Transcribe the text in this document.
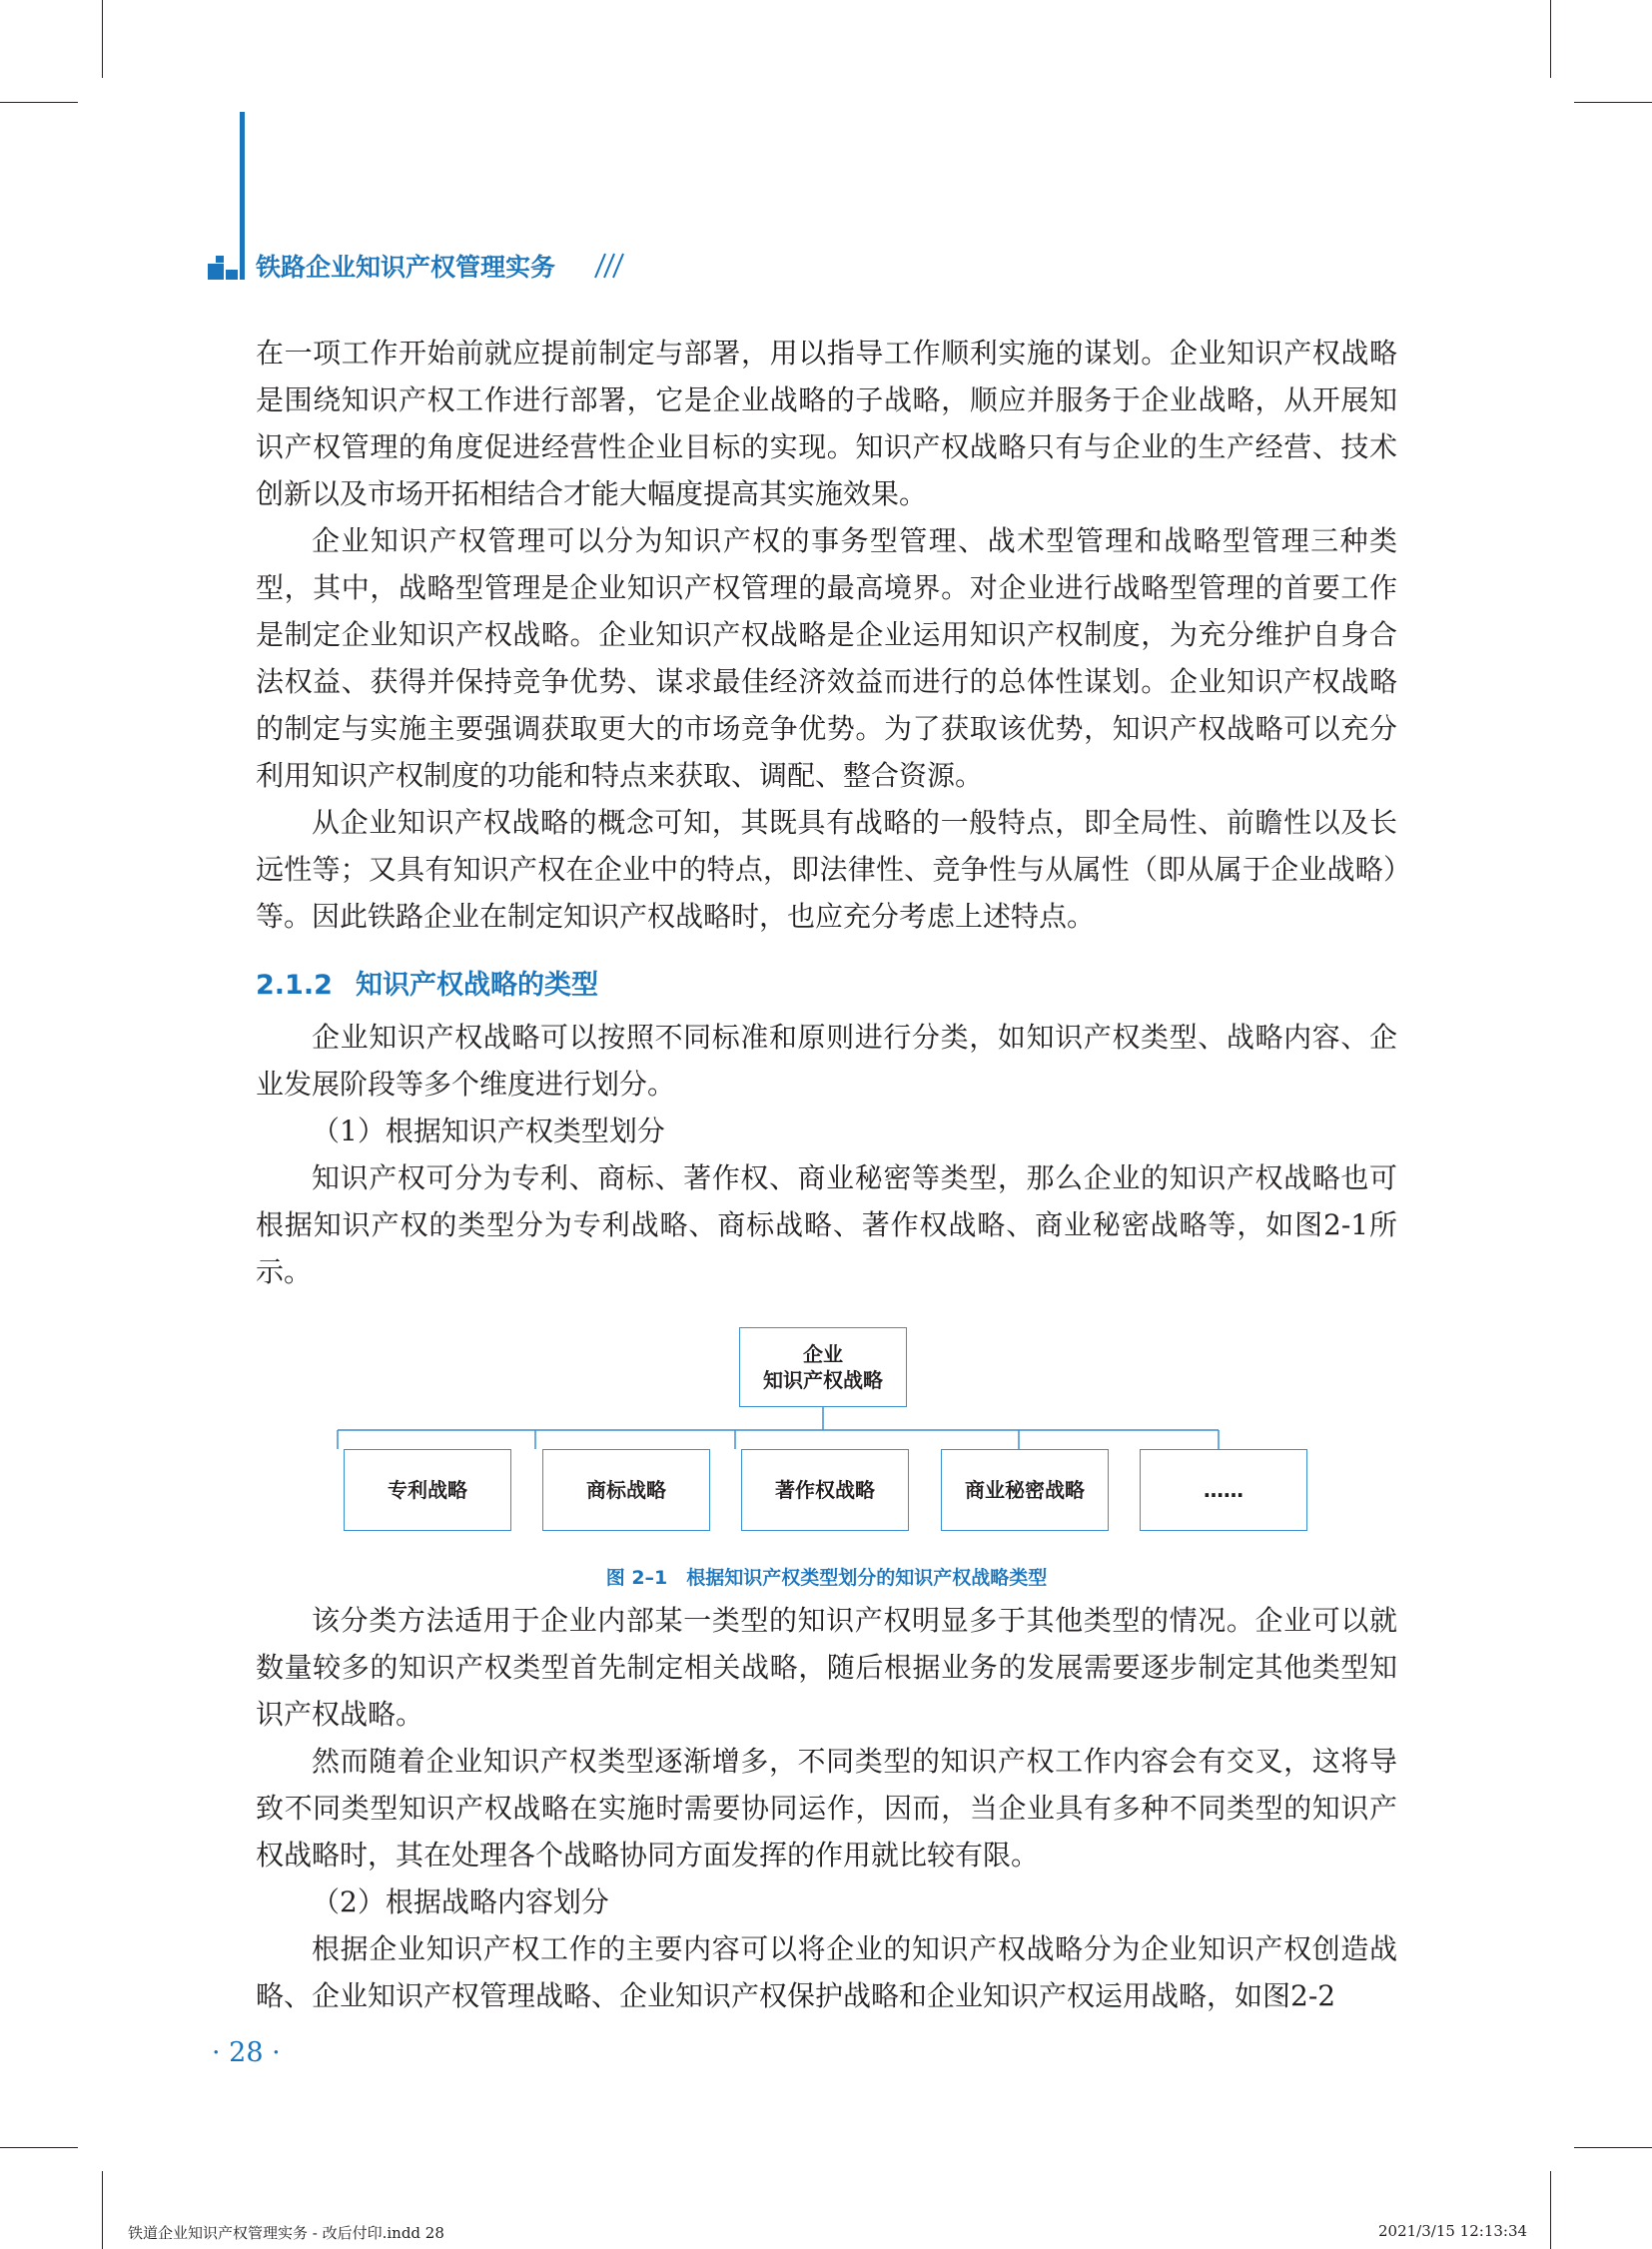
铁路企业知识产权管理实务

在一项工作开始前就应提前制定与部署，用以指导工作顺利实施的谋划。企业知识产权战略是围绕知识产权工作进行部署，它是企业战略的子战略，顺应并服务于企业战略，从开展知识产权管理的角度促进经营性企业目标的实现。知识产权战略只有与企业的生产经营、技术创新以及市场开拓相结合才能大幅度提高其实施效果。

企业知识产权管理可以分为知识产权的事务型管理、战术型管理和战略型管理三种类型，其中，战略型管理是企业知识产权管理的最高境界。对企业进行战略型管理的首要工作是制定企业知识产权战略。企业知识产权战略是企业运用知识产权制度，为充分维护自身合法权益、获得并保持竞争优势、谋求最佳经济效益而进行的总体性谋划。企业知识产权战略的制定与实施主要强调获取更大的市场竞争优势。为了获取该优势，知识产权战略可以充分利用知识产权制度的功能和特点来获取、调配、整合资源。

从企业知识产权战略的概念可知，其既具有战略的一般特点，即全局性、前瞻性以及长远性等；又具有知识产权在企业中的特点，即法律性、竞争性与从属性（即从属于企业战略）等。因此铁路企业在制定知识产权战略时，也应充分考虑上述特点。

2.1.2 知识产权战略的类型

企业知识产权战略可以按照不同标准和原则进行分类，如知识产权类型、战略内容、企业发展阶段等多个维度进行划分。

（1）根据知识产权类型划分

知识产权可分为专利、商标、著作权、商业秘密等类型，那么企业的知识产权战略也可根据知识产权的类型分为专利战略、商标战略、著作权战略、商业秘密战略等，如图2-1所示。

企业
知识产权战略
专利战略	商标战略	著作权战略	商业秘密战略	……
图 2–1　根据知识产权类型划分的知识产权战略类型

该分类方法适用于企业内部某一类型的知识产权明显多于其他类型的情况。企业可以就数量较多的知识产权类型首先制定相关战略，随后根据业务的发展需要逐步制定其他类型知识产权战略。

然而随着企业知识产权类型逐渐增多，不同类型的知识产权工作内容会有交叉，这将导致不同类型知识产权战略在实施时需要协同运作，因而，当企业具有多种不同类型的知识产权战略时，其在处理各个战略协同方面发挥的作用就比较有限。

（2）根据战略内容划分

根据企业知识产权工作的主要内容可以将企业的知识产权战略分为企业知识产权创造战略、企业知识产权管理战略、企业知识产权保护战略和企业知识产权运用战略，如图2-2

· 28 ·
铁道企业知识产权管理实务 - 改后付印.indd 28	2021/3/15 12:13:34
